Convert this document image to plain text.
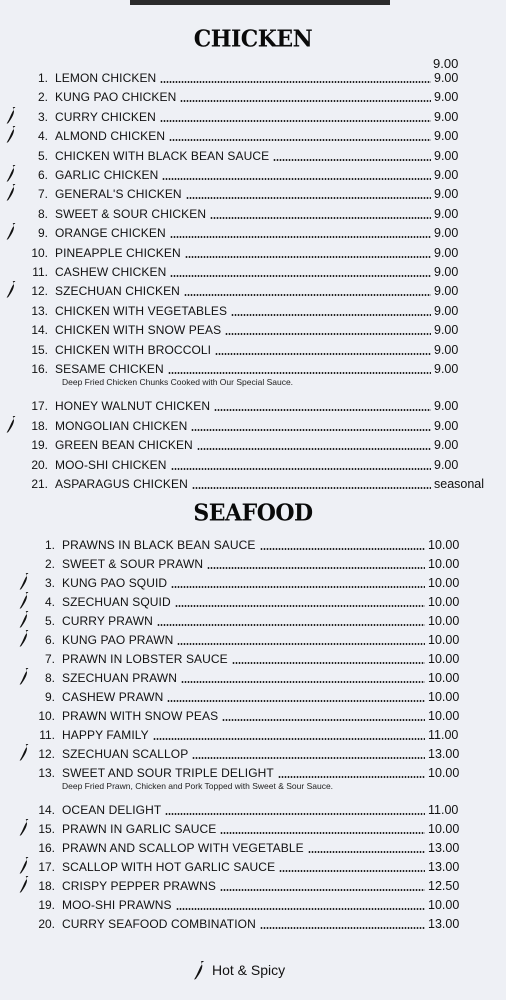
CHICKEN
9.00
1. LEMON CHICKEN	9.00
2. KUNG PAO CHICKEN	9.00
3. CURRY CHICKEN	9.00
4. ALMOND CHICKEN	9.00
5. CHICKEN WITH BLACK BEAN SAUCE	9.00
6. GARLIC CHICKEN	9.00
7. GENERAL'S CHICKEN	9.00
8. SWEET & SOUR CHICKEN	9.00
9. ORANGE CHICKEN	9.00
10. PINEAPPLE CHICKEN	9.00
11. CASHEW CHICKEN	9.00
12. SZECHUAN CHICKEN	9.00
13. CHICKEN WITH VEGETABLES	9.00
14. CHICKEN WITH SNOW PEAS	9.00
15. CHICKEN WITH BROCCOLI	9.00
16. SESAME CHICKEN	9.00
Deep Fried Chicken Chunks Cooked with Our Special Sauce.
17. HONEY WALNUT CHICKEN	9.00
18. MONGOLIAN CHICKEN	9.00
19. GREEN BEAN CHICKEN	9.00
20. MOO-SHI CHICKEN	9.00
21. ASPARAGUS CHICKEN	seasonal
SEAFOOD
1. PRAWNS IN BLACK BEAN SAUCE	10.00
2. SWEET & SOUR PRAWN	10.00
3. KUNG PAO SQUID	10.00
4. SZECHUAN SQUID	10.00
5. CURRY PRAWN	10.00
6. KUNG PAO PRAWN	10.00
7. PRAWN IN LOBSTER SAUCE	10.00
8. SZECHUAN PRAWN	10.00
9. CASHEW PRAWN	10.00
10. PRAWN WITH SNOW PEAS	10.00
11. HAPPY FAMILY	11.00
12. SZECHUAN SCALLOP	13.00
13. SWEET AND SOUR TRIPLE DELIGHT	10.00
Deep Fried Prawn, Chicken and Pork Topped with Sweet & Sour Sauce.
14. OCEAN DELIGHT	11.00
15. PRAWN IN GARLIC SAUCE	10.00
16. PRAWN AND SCALLOP WITH VEGETABLE	13.00
17. SCALLOP WITH HOT GARLIC SAUCE	13.00
18. CRISPY PEPPER PRAWNS	12.50
19. MOO-SHI PRAWNS	10.00
20. CURRY SEAFOOD COMBINATION	13.00
Hot & Spicy
